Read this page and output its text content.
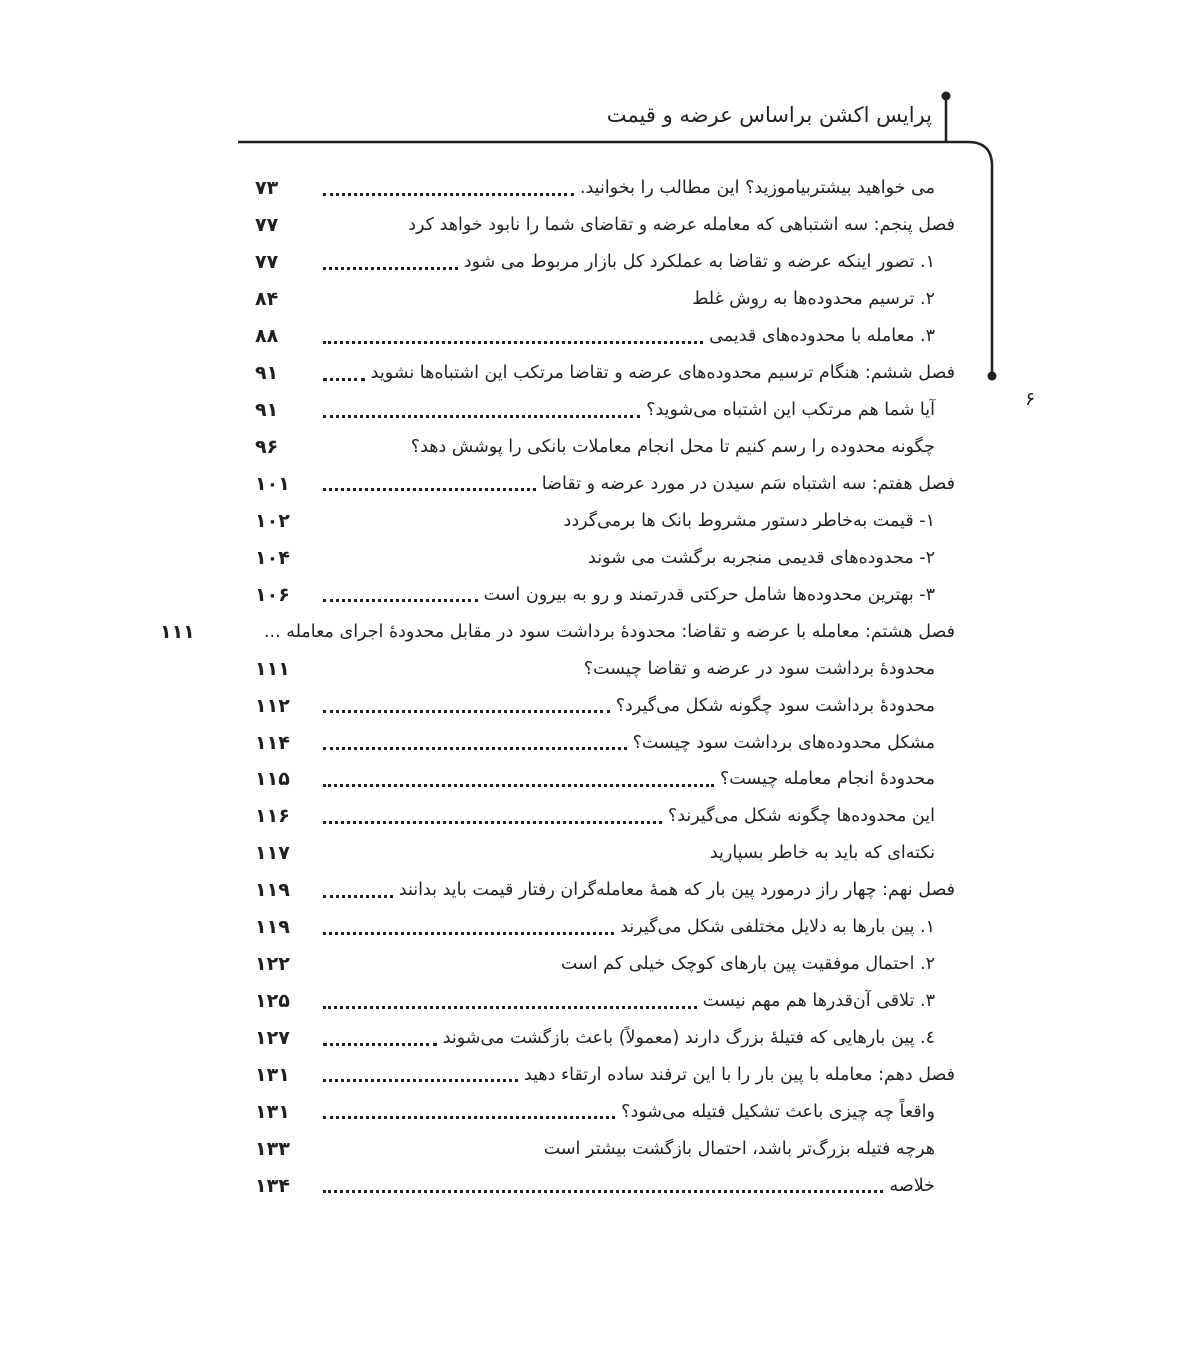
پرایس اکشن براساس عرضه و قیمت
۶
می خواهید بیشتربیاموزید؟ این مطالب را بخوانید.
۷۳
فصل پنجم: سه اشتباهی که معامله عرضه و تقاضای شما را نابود خواهد کرد
۷۷
۱. تصور اینکه عرضه و تقاضا به عملکرد کل بازار مربوط می شود
۷۷
۲. ترسیم محدوده‌ها به روش غلط
۸۴
۳. معامله با محدوده‌های قدیمی
۸۸
فصل ششم: هنگام ترسیم محدوده‌های عرضه و تقاضا مرتکب این اشتباه‌ها نشوید
۹۱
آیا شما هم مرتکب این اشتباه می‌شوید؟
۹۱
چگونه محدوده را رسم کنیم تا محل انجام معاملات بانکی را پوشش دهد؟
۹۶
فصل هفتم: سه اشتباه سَم سیدن در مورد عرضه و تقاضا
۱۰۱
۱- قیمت به‌خاطر دستور مشروط بانک ها برمی‌گردد
۱۰۲
۲- محدوده‌های قدیمی منجربه برگشت می شوند
۱۰۴
۳- بهترین محدوده‌ها شامل حرکتی قدرتمند و رو به بیرون است
۱۰۶
فصل هشتم: معامله با عرضه و تقاضا: محدودهٔ برداشت سود در مقابل محدودهٔ اجرای معامله ...
۱۱۱
محدودهٔ برداشت سود در عرضه و تقاضا چیست؟
۱۱۱
محدودهٔ برداشت سود چگونه شکل می‌گیرد؟
۱۱۲
مشکل محدوده‌های برداشت سود چیست؟
۱۱۴
محدودهٔ انجام معامله چیست؟
۱۱۵
این محدوده‌ها چگونه شکل می‌گیرند؟
۱۱۶
نکته‌ای که باید به خاطر بسپارید
۱۱۷
فصل نهم: چهار راز درمورد پین بار که همهٔ معامله‌گران رفتار قیمت باید بدانند
۱۱۹
۱. پین بارها به دلایل مختلفی شکل می‌گیرند
۱۱۹
۲. احتمال موفقیت پین بارهای کوچک خیلی کم است
۱۲۲
۳. تلاقی آن‌قدرها هم مهم نیست
۱۲۵
٤. پین بارهایی که فتیلهٔ بزرگ دارند (معمولاً) باعث بازگشت می‌شوند
۱۲۷
فصل دهم: معامله با پین بار را با این ترفند ساده ارتقاء دهید
۱۳۱
واقعاً چه چیزی باعث تشکیل فتیله می‌شود؟
۱۳۱
هرچه فتیله بزرگ‌تر باشد، احتمال بازگشت بیشتر است
۱۳۳
خلاصه
۱۳۴
